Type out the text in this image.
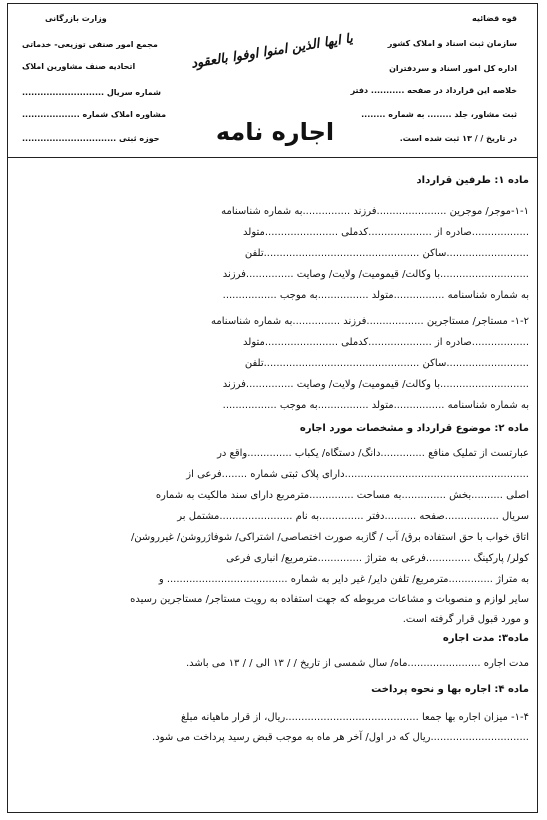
قوه قضائیه
سازمان ثبت اسناد و املاک کشور
اداره کل امور اسناد و سردفتران
خلاصه این قرارداد در صفحه ........... دفتر
ثبت مشاور، جلد ........ به شماره ........
در تاریخ / / ۱۳ ثبت شده است.
وزارت بازرگانی
مجمع امور صنفی توزیعی- خدماتی
اتحادیه صنف مشاورین املاک
شماره سریال ...........................
مشاوره املاک شماره ...................
حوزه ثبتی ...............................
یا ایها الذین امنوا اوفوا بالعقود
اجاره نامه
ماده ۱: طرفین قرارداد
۱-۱-موجر/ موجرین ......................فرزند ...............به شماره شناسنامه
..................صادره از ....................کدملی .......................متولد
..........................ساکن .................................................تلفن
............................با وکالت/ قیمومیت/ ولایت/ وصایت ...............فرزند
به شماره شناسنامه ................متولد ................به موجب .................
۱-۲- مستاجر/ مستاجرین ..................فرزند ...............به شماره شناسنامه
..................صادره از ....................کدملی .......................متولد
..........................ساکن .................................................تلفن
............................با وکالت/ قیمومیت/ ولایت/ وصایت ...............فرزند
به شماره شناسنامه ................متولد ................به موجب .................
ماده ۲: موضوع قرارداد و مشخصات مورد اجاره
عبارتست از تملیک منافع ..............دانگ/ دستگاه/ یکباب ..............واقع در
..........................................................دارای پلاک ثبتی شماره ........فرعی از
اصلی ..........بخش ..............به مساحت ..............مترمربع دارای سند مالکیت به شماره
سریال .................صفحه ..........دفتر ..............به نام .......................مشتمل بر
اتاق خواب با حق استفاده برق/ آب / گازبه صورت اختصاصی/ اشتراکی/ شوفاژروشن/ غیرروشن/
کولر/ پارکینگ ..............فرعی به متراژ ..............مترمربع/ انباری فرعی
به متراژ ..............مترمربع/ تلفن دایر/ غیر دایر به شماره ...................................... و
سایر لوازم و منصوبات و مشاعات مربوطه که جهت استفاده به رویت مستاجر/ مستاجرین رسیده
و مورد قبول قرار گرفته است.
ماده۳: مدت اجاره
مدت اجاره .......................ماه/ سال شمسی از تاریخ / / ۱۳ الی / / ۱۳ می باشد.
ماده ۴: اجاره بها و نحوه پرداخت
۱-۴- میزان اجاره بها جمعا ..........................................ریال، از قرار ماهیانه مبلغ
...............................ریال که در اول/ آخر هر ماه به موجب قبض رسید پرداخت می شود.
